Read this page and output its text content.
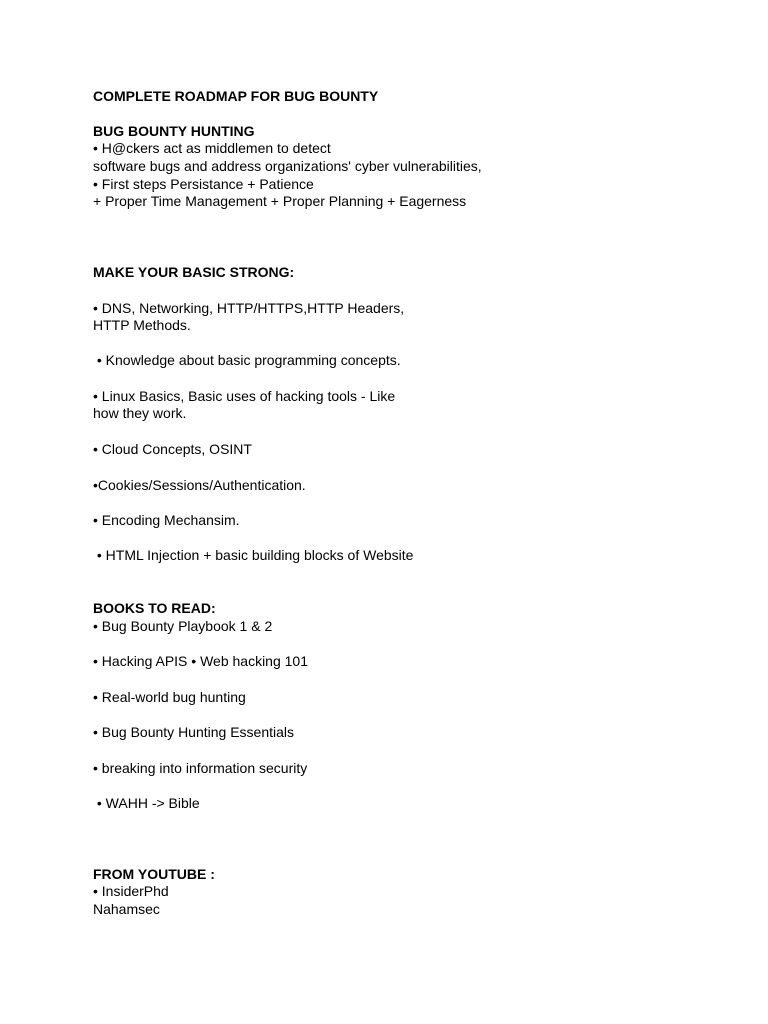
COMPLETE ROADMAP FOR BUG BOUNTY

BUG BOUNTY HUNTING

• H@ckers act as middlemen to detect

software bugs and address organizations' cyber vulnerabilities,

• First steps Persistance + Patience

+ Proper Time Management + Proper Planning + Eagerness

MAKE YOUR BASIC STRONG:

• DNS, Networking, HTTP/HTTPS,HTTP Headers,

HTTP Methods.

• Knowledge about basic programming concepts.

• Linux Basics, Basic uses of hacking tools - Like

how they work.

• Cloud Concepts, OSINT

•Cookies/Sessions/Authentication.

• Encoding Mechansim.

• HTML Injection + basic building blocks of Website

BOOKS TO READ:

• Bug Bounty Playbook 1 & 2

• Hacking APIS • Web hacking 101

• Real-world bug hunting

• Bug Bounty Hunting Essentials

• breaking into information security

• WAHH -> Bible

FROM YOUTUBE :

• InsiderPhd

Nahamsec
